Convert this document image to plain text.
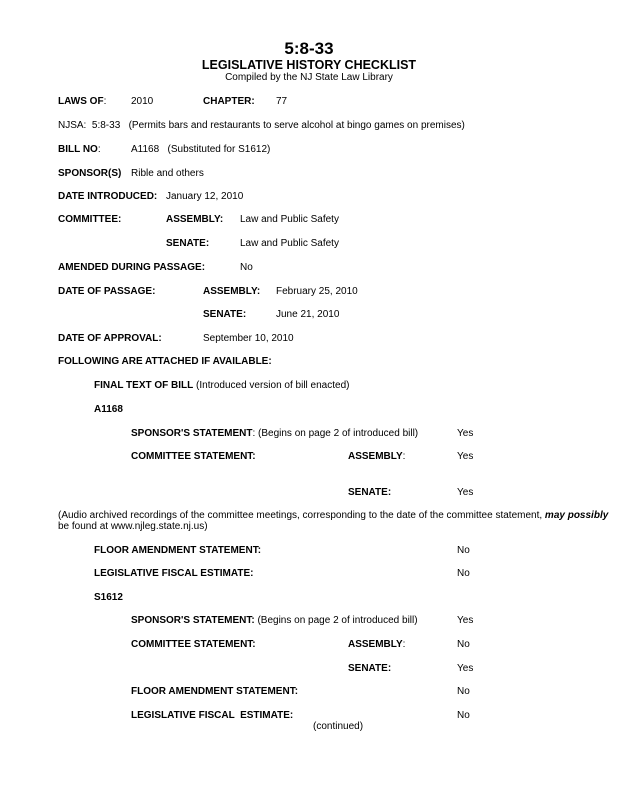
5:8-33
LEGISLATIVE HISTORY CHECKLIST
Compiled by the NJ State Law Library
LAWS OF: 2010	CHAPTER: 77
NJSA:  5:8-33   (Permits bars and restaurants to serve alcohol at bingo games on premises)
BILL NO:	A1168   (Substituted for S1612)
SPONSOR(S) Rible and others
DATE INTRODUCED: January 12, 2010
COMMITTEE:	ASSEMBLY: Law and Public Safety
SENATE:	Law and Public Safety
AMENDED DURING PASSAGE:	No
DATE OF PASSAGE:	ASSEMBLY: February 25, 2010
SENATE:	June 21, 2010
DATE OF APPROVAL:	September 10, 2010
FOLLOWING ARE ATTACHED IF AVAILABLE:
FINAL TEXT OF BILL (Introduced version of bill enacted)
A1168
SPONSOR'S STATEMENT: (Begins on page 2 of introduced bill)	Yes
COMMITTEE STATEMENT:	ASSEMBLY:	Yes
SENATE:	Yes
(Audio archived recordings of the committee meetings, corresponding to the date of the committee statement, may possibly
be found at www.njleg.state.nj.us)
FLOOR AMENDMENT STATEMENT:	No
LEGISLATIVE FISCAL ESTIMATE:	No
S1612
SPONSOR'S STATEMENT: (Begins on page 2 of introduced bill)	Yes
COMMITTEE STATEMENT:	ASSEMBLY:	No
SENATE:	Yes
FLOOR AMENDMENT STATEMENT:	No
LEGISLATIVE FISCAL  ESTIMATE:	No
(continued)
